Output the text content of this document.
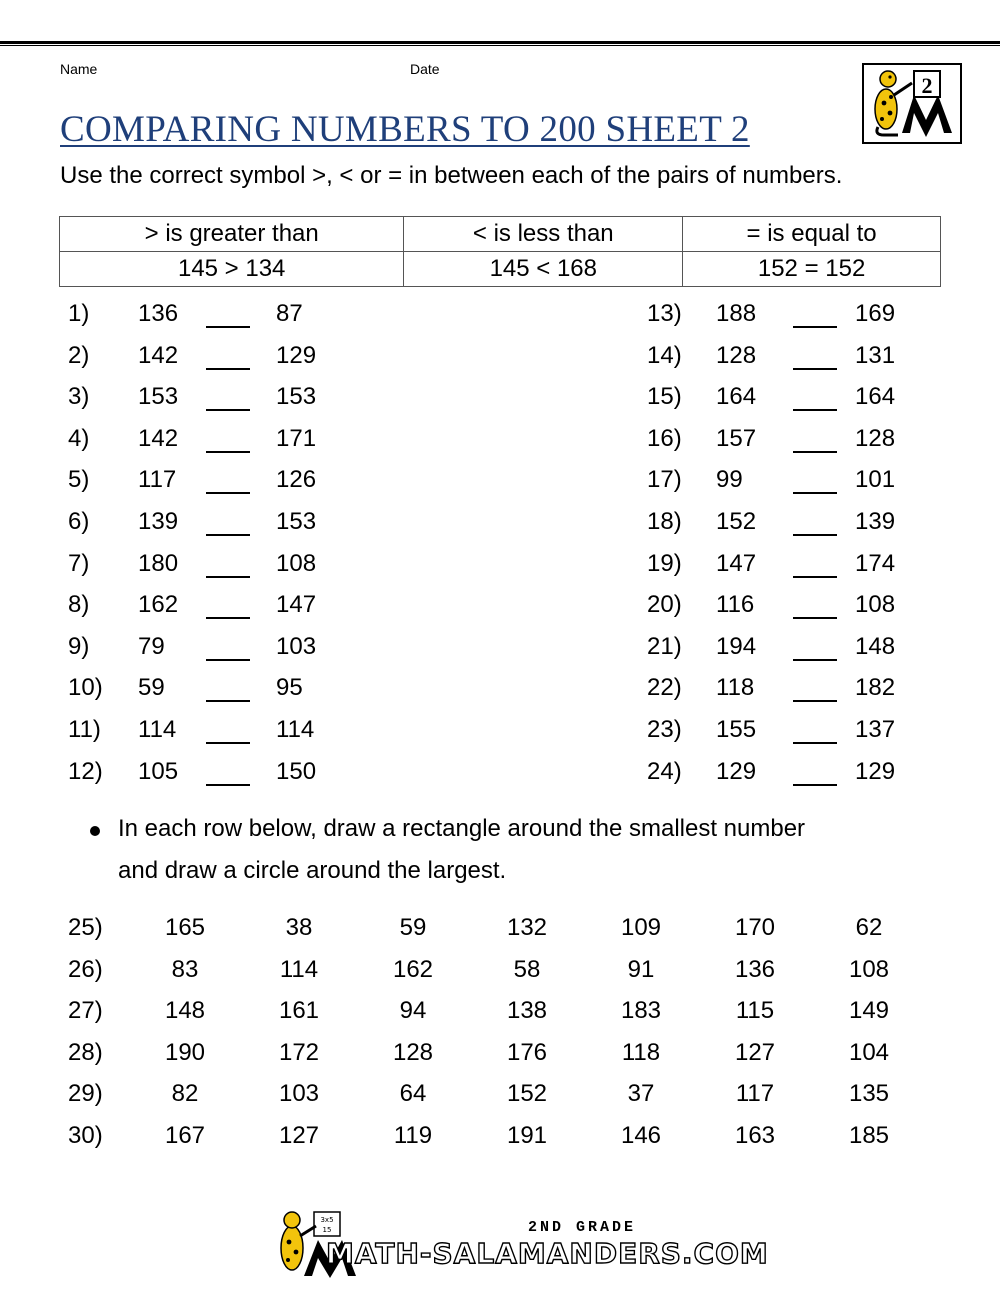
Name	Date
2
COMPARING NUMBERS TO 200 SHEET 2
Use the correct symbol >, < or = in between each of the pairs of numbers.
> is greater than	< is less than	= is equal to
145 > 134	145 < 168	152 = 152
1) 136	87
2) 142	129
3) 153	153
4) 142	171
5) 117	126
6) 139	153
7) 180	108
8) 162	147
9) 79	103
10) 59	95
11) 114	114
12) 105	150
13) 188	169
14) 128	131
15) 164	164
16) 157	128
17) 99	101
18) 152	139
19) 147	174
20) 116	108
21) 194	148
22) 118	182
23) 155	137
24) 129	129
In each row below, draw a rectangle around the smallest number
and draw a circle around the largest.
25)	165	38	59	132	109	170	62
26)	83	114	162	58	91	136	108
27)	148	161	94	138	183	115	149
28)	190	172	128	176	118	127	104
29)	82	103	64	152	37	117	135
30)	167	127	119	191	146	163	185
3x5
15	2ND GRADE
MATH-SALAMANDERS.COM
